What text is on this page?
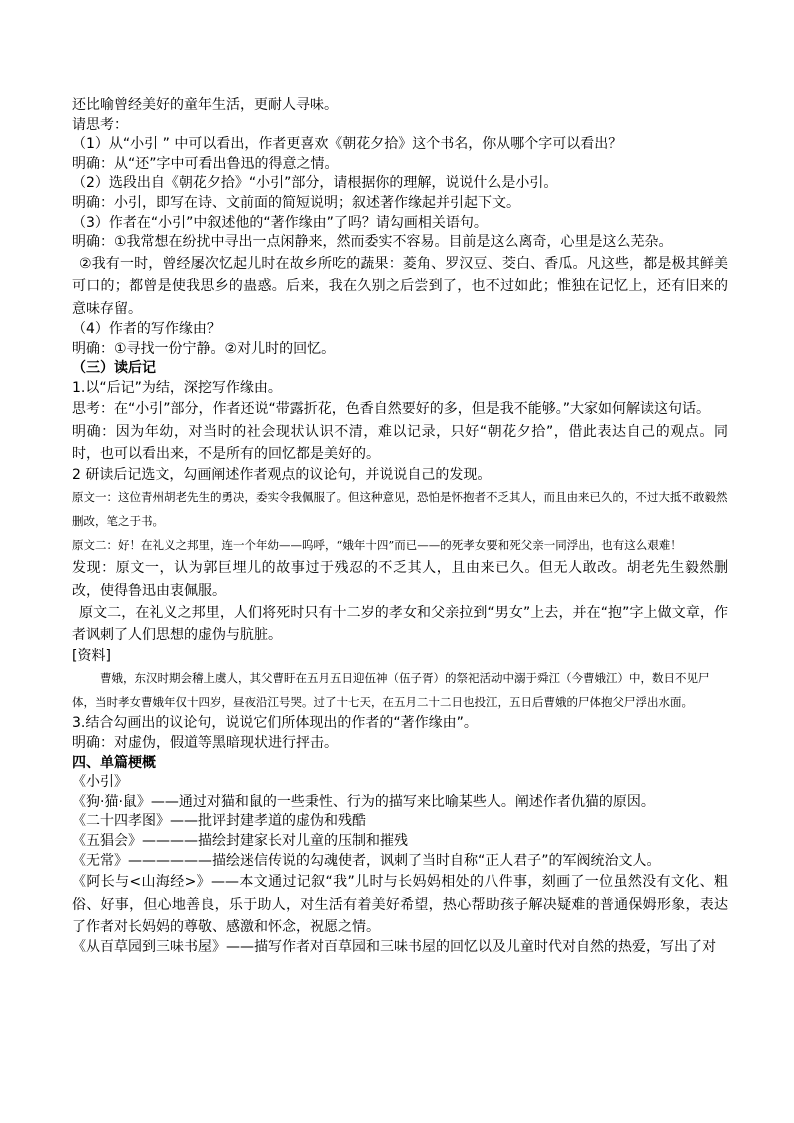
还比喻曾经美好的童年生活，更耐人寻味。

请思考：

（1）从“小引 ” 中可以看出，作者更喜欢《朝花夕拾》这个书名，你从哪个字可以看出？

明确：从“还”字中可看出鲁迅的得意之情。

（2）选段出自《朝花夕拾》“小引”部分，请根据你的理解，说说什么是小引。

明确：小引，即写在诗、文前面的简短说明；叙述著作缘起并引起下文。

（3）作者在“小引”中叙述他的“著作缘由”了吗？请勾画相关语句。

明确：①我常想在纷扰中寻出一点闲静来，然而委实不容易。目前是这么离奇，心里是这么芜杂。

②我有一时，曾经屡次忆起儿时在故乡所吃的蔬果：菱角、罗汉豆、茭白、香瓜。凡这些，都是极其鲜美可口的；都曾是使我思乡的蛊惑。后来，我在久别之后尝到了，也不过如此；惟独在记忆上，还有旧来的意味存留。

（4）作者的写作缘由？

明确：①寻找一份宁静。②对儿时的回忆。

（三）读后记

1.以“后记”为结，深挖写作缘由。

思考：在“小引”部分，作者还说“带露折花，色香自然要好的多，但是我不能够。”大家如何解读这句话。

明确：因为年幼，对当时的社会现状认识不清，难以记录，只好“朝花夕拾”，借此表达自己的观点。同时，也可以看出来，不是所有的回忆都是美好的。

2 研读后记选文，勾画阐述作者观点的议论句，并说说自己的发现。

原文一：这位青州胡老先生的勇决，委实令我佩服了。但这种意见，恐怕是怀抱者不乏其人，而且由来已久的，不过大抵不敢毅然删改，笔之于书。

原文二：好！在礼义之邦里，连一个年幼——呜呼，“娥年十四”而已——的死孝女要和死父亲一同浮出，也有这么艰难！

发现：原文一，认为郭巨埋儿的故事过于残忍的不乏其人，且由来已久。但无人敢改。胡老先生毅然删改，使得鲁迅由衷佩服。

原文二，在礼义之邦里，人们将死时只有十二岁的孝女和父亲拉到“男女”上去，并在“抱”字上做文章，作者讽刺了人们思想的虚伪与肮脏。

[资料]

曹娥，东汉时期会稽上虞人，其父曹盱在五月五日迎伍神（伍子胥）的祭祀活动中溺于舜江（今曹娥江）中，数日不见尸体，当时孝女曹娥年仅十四岁，昼夜沿江号哭。过了十七天，在五月二十二日也投江，五日后曹娥的尸体抱父尸浮出水面。

3.结合勾画出的议论句，说说它们所体现出的作者的“著作缘由”。

明确：对虚伪，假道等黑暗现状进行抨击。

四、单篇梗概

《小引》

《狗·猫·鼠》——通过对猫和鼠的一些秉性、行为的描写来比喻某些人。阐述作者仇猫的原因。

《二十四孝图》——批评封建孝道的虚伪和残酷

《五猖会》————描绘封建家长对儿童的压制和摧残

《无常》——————描绘迷信传说的勾魂使者，讽刺了当时自称“正人君子”的军阀统治文人。

《阿长与<山海经>》——本文通过记叙“我”儿时与长妈妈相处的八件事，刻画了一位虽然没有文化、粗俗、好事，但心地善良，乐于助人，对生活有着美好希望，热心帮助孩子解决疑难的普通保姆形象，表达了作者对长妈妈的尊敬、感激和怀念，祝愿之情。

《从百草园到三味书屋》——描写作者对百草园和三味书屋的回忆以及儿童时代对自然的热爱，写出了对
